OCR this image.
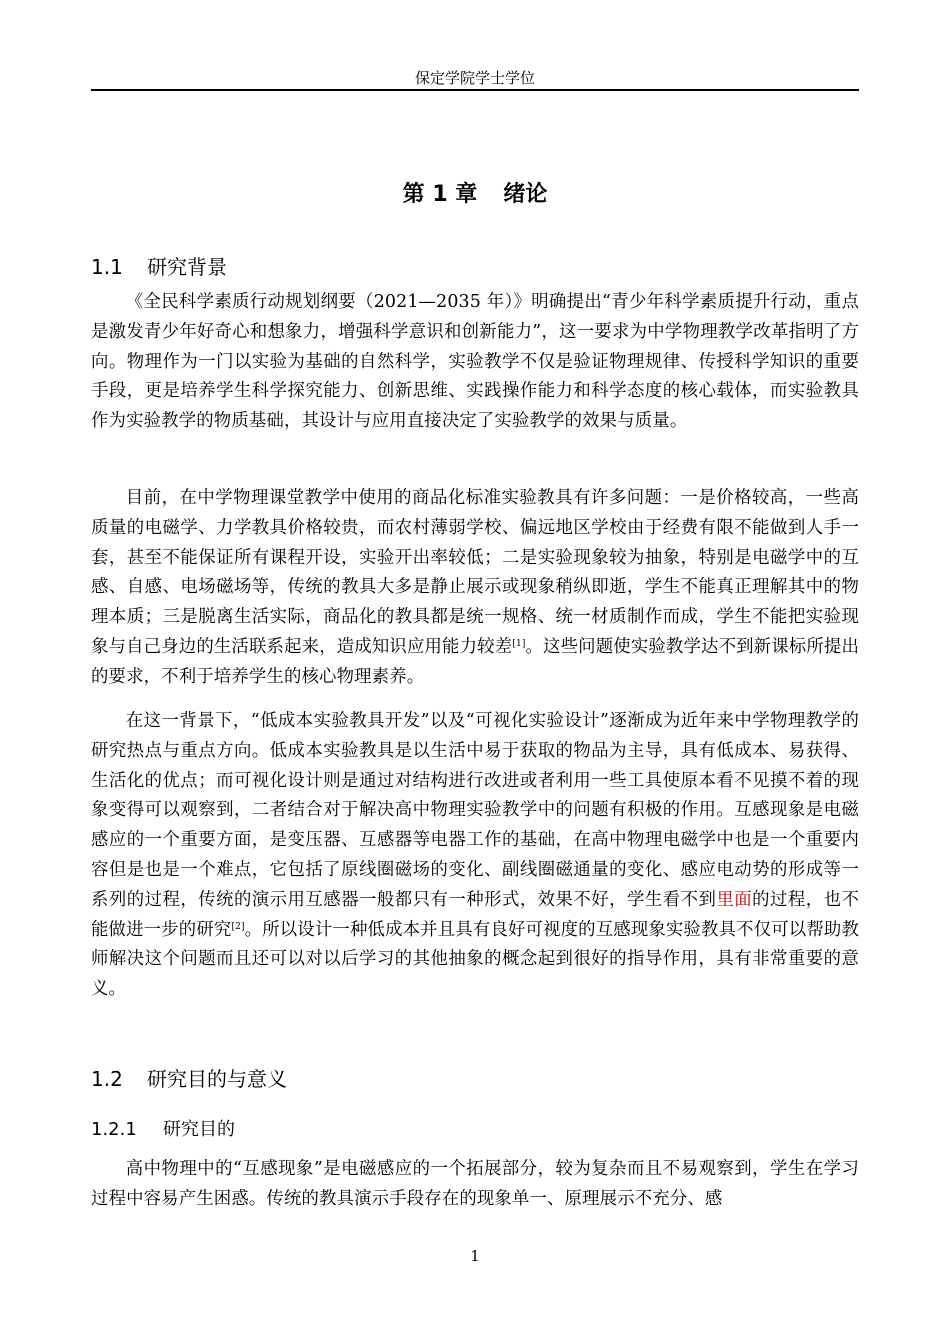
保定学院学士学位
第 1 章 绪论
1.1 研究背景
《全民科学素质行动规划纲要（2021—2035 年）》明确提出“青少年科学素质提升行动，重点是激发青少年好奇心和想象力，增强科学意识和创新能力”，这一要求为中学物理教学改革指明了方向。物理作为一门以实验为基础的自然科学，实验教学不仅是验证物理规律、传授科学知识的重要手段，更是培养学生科学探究能力、创新思维、实践操作能力和科学态度的核心载体，而实验教具作为实验教学的物质基础，其设计与应用直接决定了实验教学的效果与质量。
目前，在中学物理课堂教学中使用的商品化标准实验教具有许多问题：一是价格较高，一些高质量的电磁学、力学教具价格较贵，而农村薄弱学校、偏远地区学校由于经费有限不能做到人手一套，甚至不能保证所有课程开设，实验开出率较低；二是实验现象较为抽象，特别是电磁学中的互感、自感、电场磁场等，传统的教具大多是静止展示或现象稍纵即逝，学生不能真正理解其中的物理本质；三是脱离生活实际，商品化的教具都是统一规格、统一材质制作而成，学生不能把实验现象与自己身边的生活联系起来，造成知识应用能力较差[1]。这些问题使实验教学达不到新课标所提出的要求，不利于培养学生的核心物理素养。
在这一背景下，“低成本实验教具开发”以及“可视化实验设计”逐渐成为近年来中学物理教学的研究热点与重点方向。低成本实验教具是以生活中易于获取的物品为主导，具有低成本、易获得、生活化的优点；而可视化设计则是通过对结构进行改进或者利用一些工具使原本看不见摸不着的现象变得可以观察到，二者结合对于解决高中物理实验教学中的问题有积极的作用。互感现象是电磁感应的一个重要方面，是变压器、互感器等电器工作的基础，在高中物理电磁学中也是一个重要内容但是也是一个难点，它包括了原线圈磁场的变化、副线圈磁通量的变化、感应电动势的形成等一系列的过程，传统的演示用互感器一般都只有一种形式，效果不好，学生看不到里面的过程，也不能做进一步的研究[2]。所以设计一种低成本并且具有良好可视度的互感现象实验教具不仅可以帮助教师解决这个问题而且还可以对以后学习的其他抽象的概念起到很好的指导作用，具有非常重要的意义。
1.2 研究目的与意义
1.2.1 研究目的
高中物理中的“互感现象”是电磁感应的一个拓展部分，较为复杂而且不易观察到，学生在学习过程中容易产生困惑。传统的教具演示手段存在的现象单一、原理展示不充分、感
1
